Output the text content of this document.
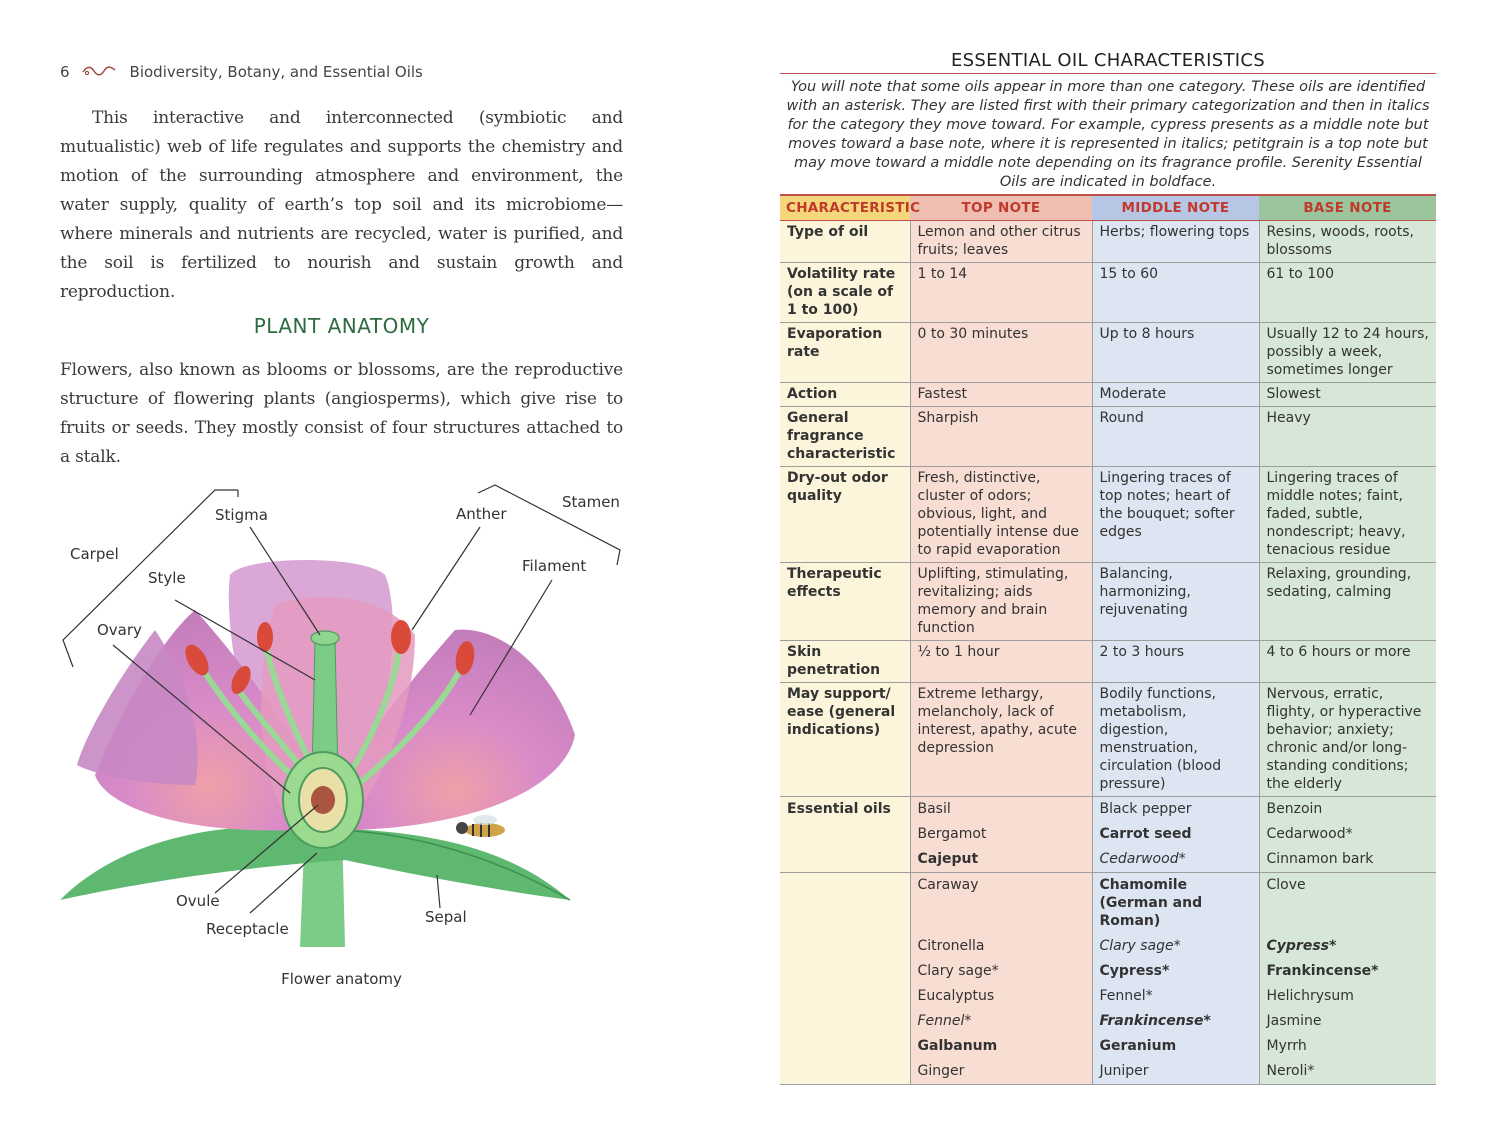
6	Biodiversity, Botany, and Essential Oils

This interactive and interconnected (symbiotic and mutualistic) web of life regulates and supports the chemistry and motion of the surrounding atmosphere and environment, the water supply, quality of earth’s top soil and its microbiome—where minerals and nutrients are recycled, water is purified, and the soil is fertilized to nourish and sustain growth and reproduction.

PLANT ANATOMY

Flowers, also known as blooms or blossoms, are the reproductive structure of flowering plants (angiosperms), which give rise to fruits or seeds. They mostly consist of four structures attached to a stalk.

Carpel
Stigma
Style
Ovary
Anther
Stamen
Filament
Ovule
Receptacle
Sepal
Flower anatomy
ESSENTIAL OIL CHARACTERISTICS
You will note that some oils appear in more than one category. These oils are identified with an asterisk. They are listed first with their primary categorization and then in italics for the category they move toward. For example, cypress presents as a middle note but moves toward a base note, where it is represented in italics; petitgrain is a top note but may move toward a middle note depending on its fragrance profile. Serenity Essential Oils are indicated in boldface.
CHARACTERISTIC	TOP NOTE	MIDDLE NOTE	BASE NOTE
Type of oil	Lemon and other citrus fruits; leaves	Herbs; flowering tops	Resins, woods, roots, blossoms
Volatility rate (on a scale of 1 to 100)	1 to 14	15 to 60	61 to 100
Evaporation rate	0 to 30 minutes	Up to 8 hours	Usually 12 to 24 hours, possibly a week, sometimes longer
Action	Fastest	Moderate	Slowest
General fragrance characteristic	Sharpish	Round	Heavy
Dry-out odor quality	Fresh, distinctive, cluster of odors; obvious, light, and potentially intense due to rapid evaporation	Lingering traces of top notes; heart of the bouquet; softer edges	Lingering traces of middle notes; faint, faded, subtle, nondescript; heavy, tenacious residue
Therapeutic effects	Uplifting, stimulating, revitalizing; aids memory and brain function	Balancing, harmonizing, rejuvenating	Relaxing, grounding, sedating, calming
Skin penetration	½ to 1 hour	2 to 3 hours	4 to 6 hours or more
May support/ ease (general indications)	Extreme lethargy, melancholy, lack of interest, apathy, acute depression	Bodily functions, metabolism, digestion, menstruation, circulation (blood pressure)	Nervous, erratic, flighty, or hyperactive behavior; anxiety; chronic and/or long-standing conditions; the elderly
Essential oils	Basil	Black pepper	Benzoin
	Bergamot	Carrot seed	Cedarwood*
	Cajeput	Cedarwood*	Cinnamon bark
	Caraway	Chamomile (German and Roman)	Clove
	Citronella	Clary sage*	Cypress*
	Clary sage*	Cypress*	Frankincense*
	Eucalyptus	Fennel*	Helichrysum
	Fennel*	Frankincense*	Jasmine
	Galbanum	Geranium	Myrrh
	Ginger	Juniper	Neroli*
